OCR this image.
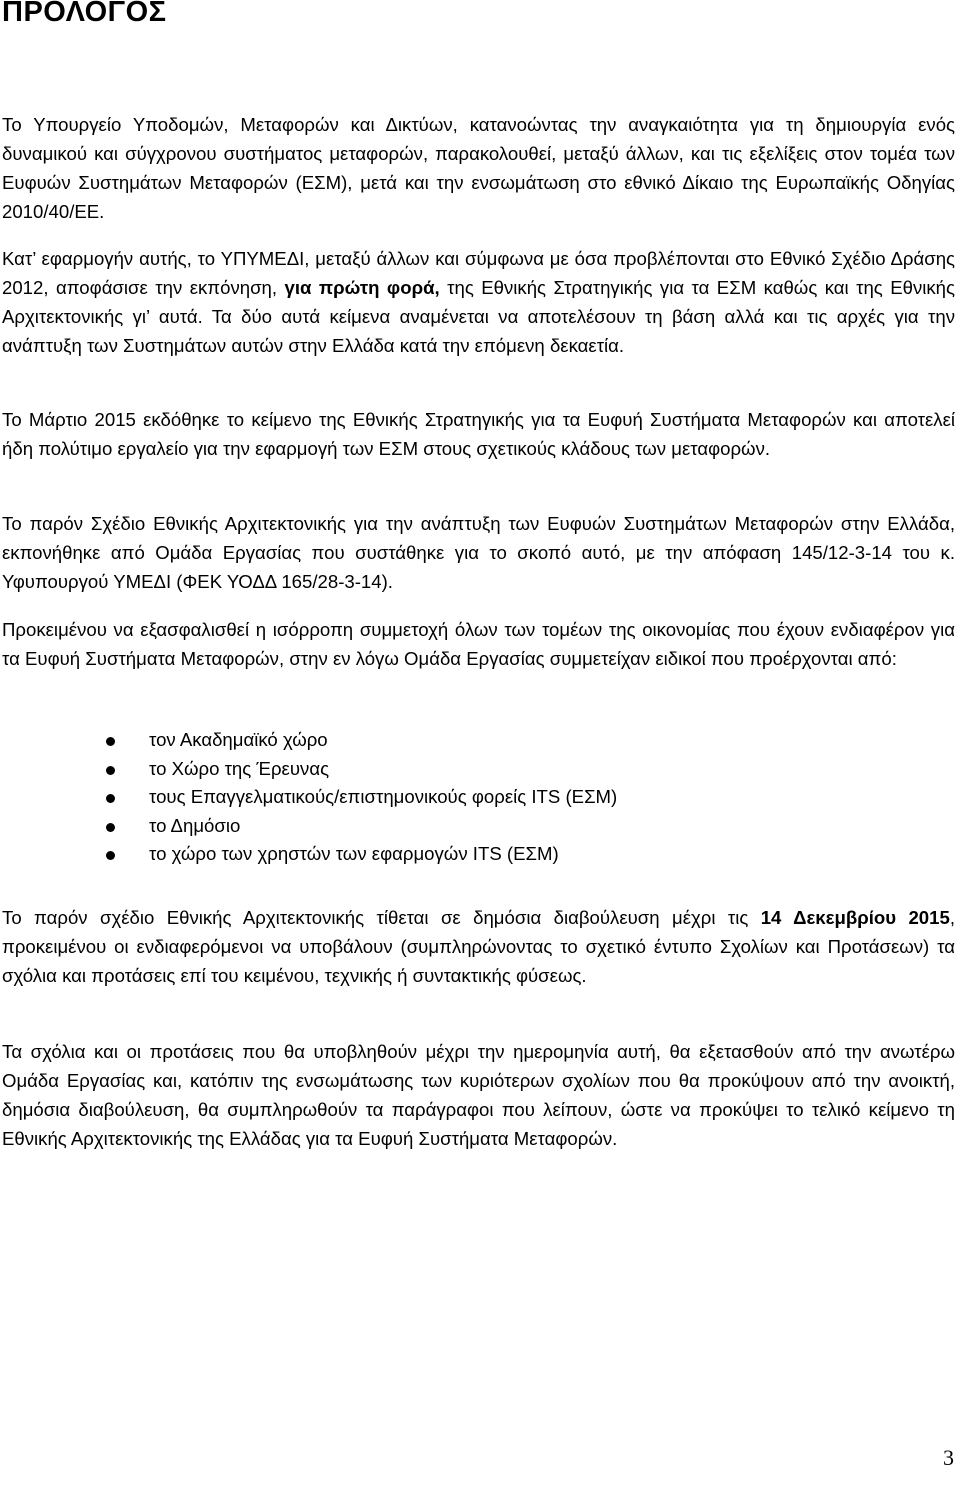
ΠΡΟΛΟΓΟΣ

Το Υπουργείο Υποδομών, Μεταφορών και Δικτύων, κατανοώντας την αναγκαιότητα για τη δημιουργία ενός δυναμικού και σύγχρονου συστήματος μεταφορών, παρακολουθεί, μεταξύ άλλων, και τις εξελίξεις στον τομέα των Ευφυών Συστημάτων Μεταφορών (ΕΣΜ), μετά και την ενσωμάτωση στο εθνικό Δίκαιο της Ευρωπαϊκής Οδηγίας 2010/40/ΕΕ.

Κατ’ εφαρμογήν αυτής, το ΥΠΥΜΕΔΙ, μεταξύ άλλων και σύμφωνα με όσα προβλέπονται στο Εθνικό Σχέδιο Δράσης 2012, αποφάσισε την εκπόνηση, για πρώτη φορά, της Εθνικής Στρατηγικής για τα ΕΣΜ καθώς και της Εθνικής Αρχιτεκτονικής γι’ αυτά. Τα δύο αυτά κείμενα αναμένεται να αποτελέσουν τη βάση αλλά και τις αρχές για την ανάπτυξη των Συστημάτων αυτών στην Ελλάδα κατά την επόμενη δεκαετία.

Το Μάρτιο 2015 εκδόθηκε το κείμενο της Εθνικής Στρατηγικής για τα Ευφυή Συστήματα Μεταφορών και αποτελεί ήδη πολύτιμο εργαλείο για την εφαρμογή των ΕΣΜ στους σχετικούς κλάδους των μεταφορών.

Το παρόν Σχέδιο Εθνικής Αρχιτεκτονικής για την ανάπτυξη των Ευφυών Συστημάτων Μεταφορών στην Ελλάδα, εκπονήθηκε από Ομάδα Εργασίας που συστάθηκε για το σκοπό αυτό, με την απόφαση 145/12-3-14 του κ. Υφυπουργού ΥΜΕΔΙ (ΦΕΚ ΥΟΔΔ 165/28-3-14).

Προκειμένου να εξασφαλισθεί η ισόρροπη συμμετοχή όλων των τομέων της οικονομίας που έχουν ενδιαφέρον για τα Ευφυή Συστήματα Μεταφορών, στην εν λόγω Ομάδα Εργασίας συμμετείχαν ειδικοί που προέρχονται από:

τον Ακαδημαϊκό χώρο
το Χώρο της Έρευνας
τους Επαγγελματικούς/επιστημονικούς φορείς ITS (ΕΣΜ)
το Δημόσιο
το χώρο των χρηστών των εφαρμογών ITS (ΕΣΜ)

Το παρόν σχέδιο Εθνικής Αρχιτεκτονικής τίθεται σε δημόσια διαβούλευση μέχρι τις 14 Δεκεμβρίου 2015, προκειμένου οι ενδιαφερόμενοι να υποβάλουν (συμπληρώνοντας το σχετικό έντυπο Σχολίων και Προτάσεων) τα σχόλια και προτάσεις επί του κειμένου, τεχνικής ή συντακτικής φύσεως.

Τα σχόλια και οι προτάσεις που θα υποβληθούν μέχρι την ημερομηνία αυτή, θα εξετασθούν από την ανωτέρω Ομάδα Εργασίας και, κατόπιν της ενσωμάτωσης των κυριότερων σχολίων που θα προκύψουν από την ανοικτή, δημόσια διαβούλευση, θα συμπληρωθούν τα παράγραφοι που λείπουν, ώστε να προκύψει το τελικό κείμενο τη Εθνικής Αρχιτεκτονικής της Ελλάδας για τα Ευφυή Συστήματα Μεταφορών.

3
